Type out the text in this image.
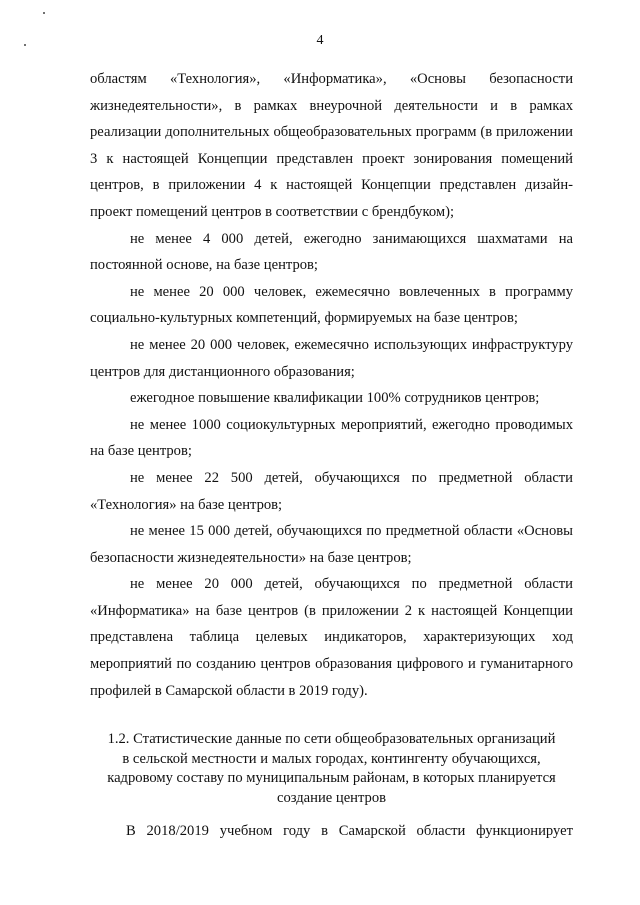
4

областям «Технология», «Информатика», «Основы безопасности жизнедеятельности», в рамках внеурочной деятельности и в рамках реализации дополнительных общеобразовательных программ (в приложении 3 к настоящей Концепции представлен проект зонирования помещений центров, в приложении 4 к настоящей Концепции представлен дизайн-проект помещений центров в соответствии с брендбуком);

не менее 4 000 детей, ежегодно занимающихся шахматами на постоянной основе, на базе центров;

не менее 20 000 человек, ежемесячно вовлеченных в программу социально-культурных компетенций, формируемых на базе центров;

не менее 20 000 человек, ежемесячно использующих инфраструктуру центров для дистанционного образования;

ежегодное повышение квалификации 100% сотрудников центров;

не менее 1000 социокультурных мероприятий, ежегодно проводимых на базе центров;

не менее 22 500 детей, обучающихся по предметной области «Технология» на базе центров;

не менее 15 000 детей, обучающихся по предметной области «Основы безопасности жизнедеятельности» на базе центров;

не менее 20 000 детей, обучающихся по предметной области «Информатика» на базе центров (в приложении 2 к настоящей Концепции представлена таблица целевых индикаторов, характеризующих ход мероприятий по созданию центров образования цифрового и гуманитарного профилей в Самарской области в 2019 году).

1.2. Статистические данные по сети общеобразовательных организаций
в сельской местности и малых городах, контингенту обучающихся,
кадровому составу по муниципальным районам, в которых планируется
создание центров

В 2018/2019 учебном году в Самарской области функционирует
